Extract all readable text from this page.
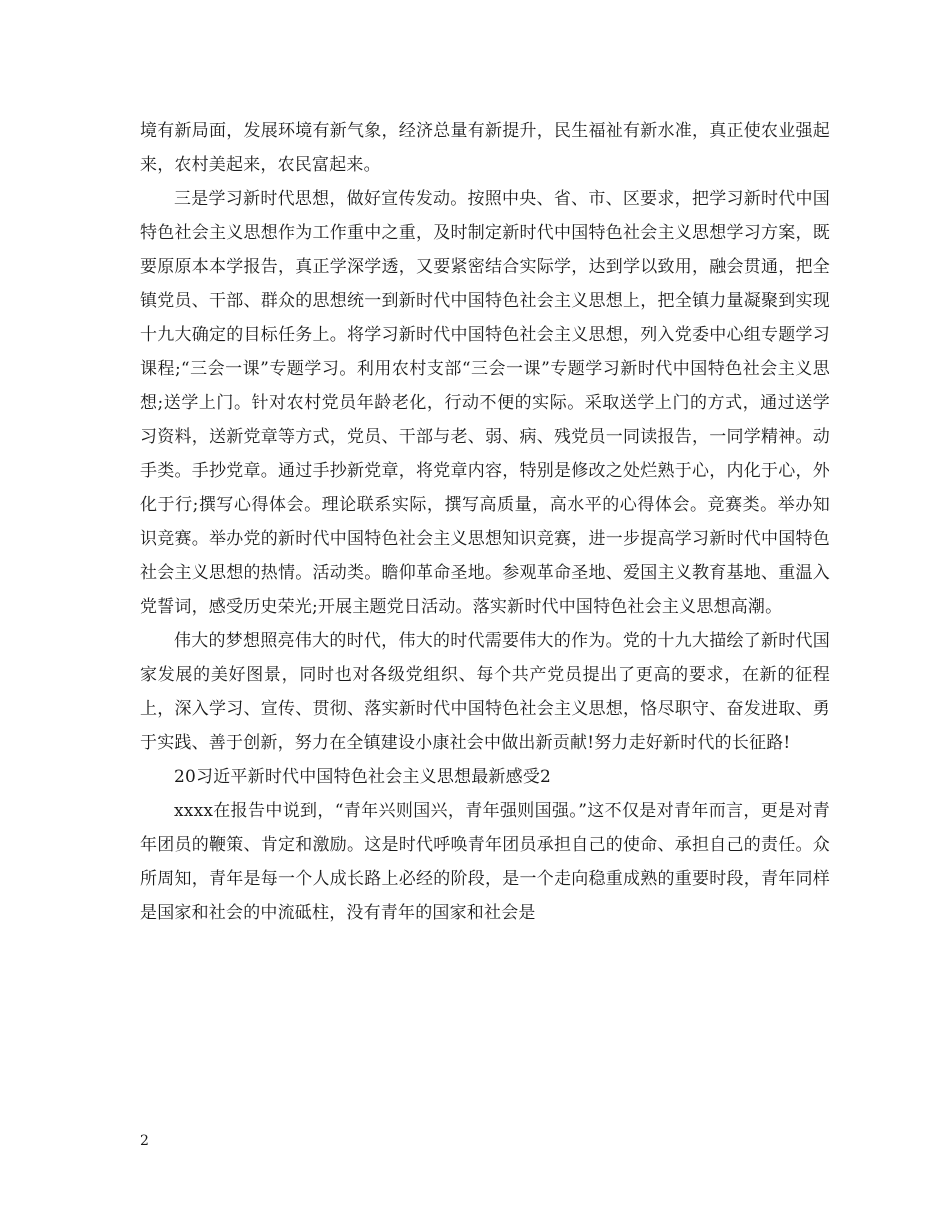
境有新局面，发展环境有新气象，经济总量有新提升，民生福祉有新水准，真正使农业强起来，农村美起来，农民富起来。

三是学习新时代思想，做好宣传发动。按照中央、省、市、区要求，把学习新时代中国特色社会主义思想作为工作重中之重，及时制定新时代中国特色社会主义思想学习方案，既要原原本本学报告，真正学深学透，又要紧密结合实际学，达到学以致用，融会贯通，把全镇党员、干部、群众的思想统一到新时代中国特色社会主义思想上，把全镇力量凝聚到实现十九大确定的目标任务上。将学习新时代中国特色社会主义思想，列入党委中心组专题学习课程;“三会一课”专题学习。利用农村支部“三会一课”专题学习新时代中国特色社会主义思想;送学上门。针对农村党员年龄老化，行动不便的实际。采取送学上门的方式，通过送学习资料，送新党章等方式，党员、干部与老、弱、病、残党员一同读报告，一同学精神。动手类。手抄党章。通过手抄新党章，将党章内容，特别是修改之处烂熟于心，内化于心，外化于行;撰写心得体会。理论联系实际，撰写高质量，高水平的心得体会。竞赛类。举办知识竞赛。举办党的新时代中国特色社会主义思想知识竞赛，进一步提高学习新时代中国特色社会主义思想的热情。活动类。瞻仰革命圣地。参观革命圣地、爱国主义教育基地、重温入党誓词，感受历史荣光;开展主题党日活动。落实新时代中国特色社会主义思想高潮。

伟大的梦想照亮伟大的时代，伟大的时代需要伟大的作为。党的十九大描绘了新时代国家发展的美好图景，同时也对各级党组织、每个共产党员提出了更高的要求，在新的征程上，深入学习、宣传、贯彻、落实新时代中国特色社会主义思想，恪尽职守、奋发进取、勇于实践、善于创新，努力在全镇建设小康社会中做出新贡献!努力走好新时代的长征路!

20习近平新时代中国特色社会主义思想最新感受2

xxxx在报告中说到，“青年兴则国兴，青年强则国强。”这不仅是对青年而言，更是对青年团员的鞭策、肯定和激励。这是时代呼唤青年团员承担自己的使命、承担自己的责任。众所周知，青年是每一个人成长路上必经的阶段，是一个走向稳重成熟的重要时段，青年同样是国家和社会的中流砥柱，没有青年的国家和社会是

2
